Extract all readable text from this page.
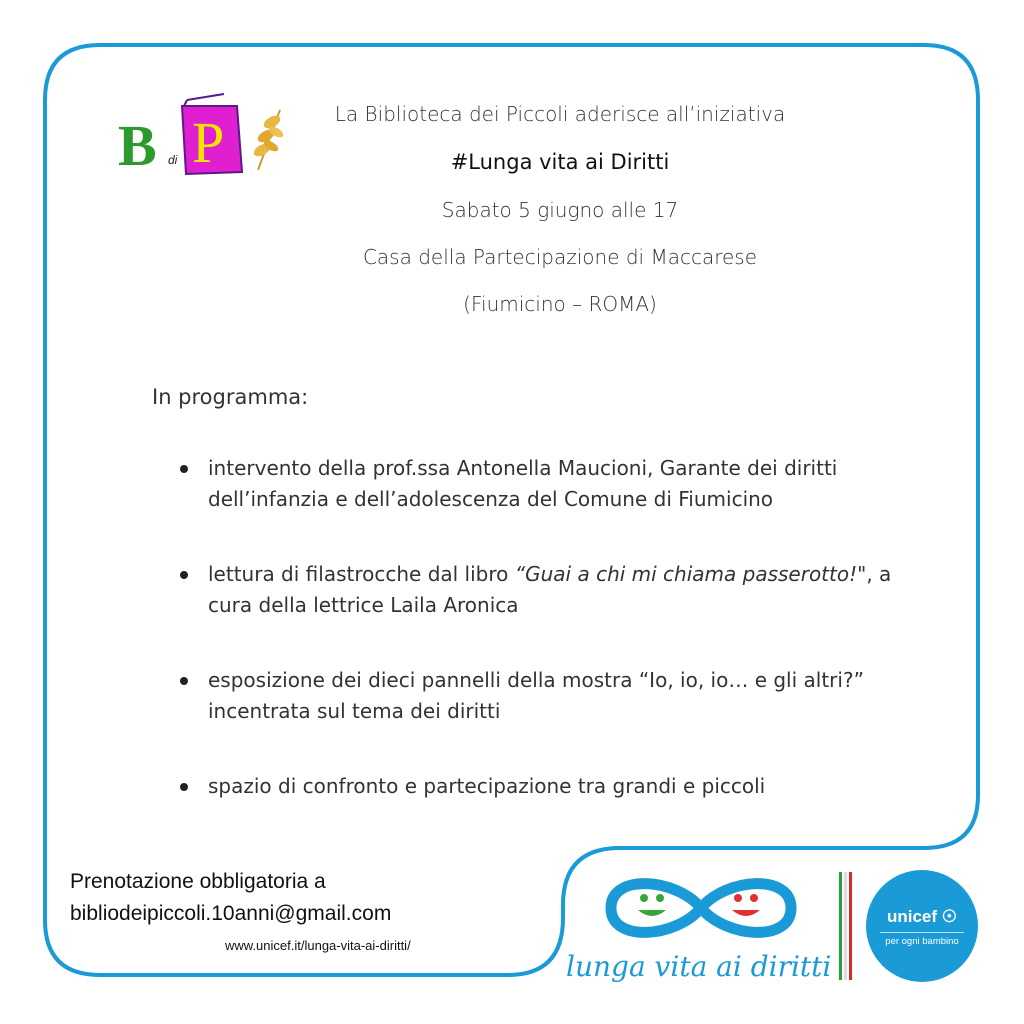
B di P	La Biblioteca dei Piccoli aderisce all’iniziativa
#Lunga vita ai Diritti
Sabato 5 giugno alle 17
Casa della Partecipazione di Maccarese
(Fiumicino – ROMA)
In programma:
intervento della prof.ssa Antonella Maucioni, Garante dei diritti
dell’infanzia e dell’adolescenza del Comune di Fiumicino
lettura di filastrocche dal libro “Guai a chi mi chiama passerotto!", a
cura della lettrice Laila Aronica
esposizione dei dieci pannelli della mostra “Io, io, io… e gli altri?”
incentrata sul tema dei diritti
spazio di confronto e partecipazione tra grandi e piccoli
Prenotazione obbligatoria a
bibliodeipiccoli.10anni@gmail.com
www.unicef.it/lunga-vita-ai-diritti/
lunga vita ai diritti
unicef ☉
per ogni bambino
